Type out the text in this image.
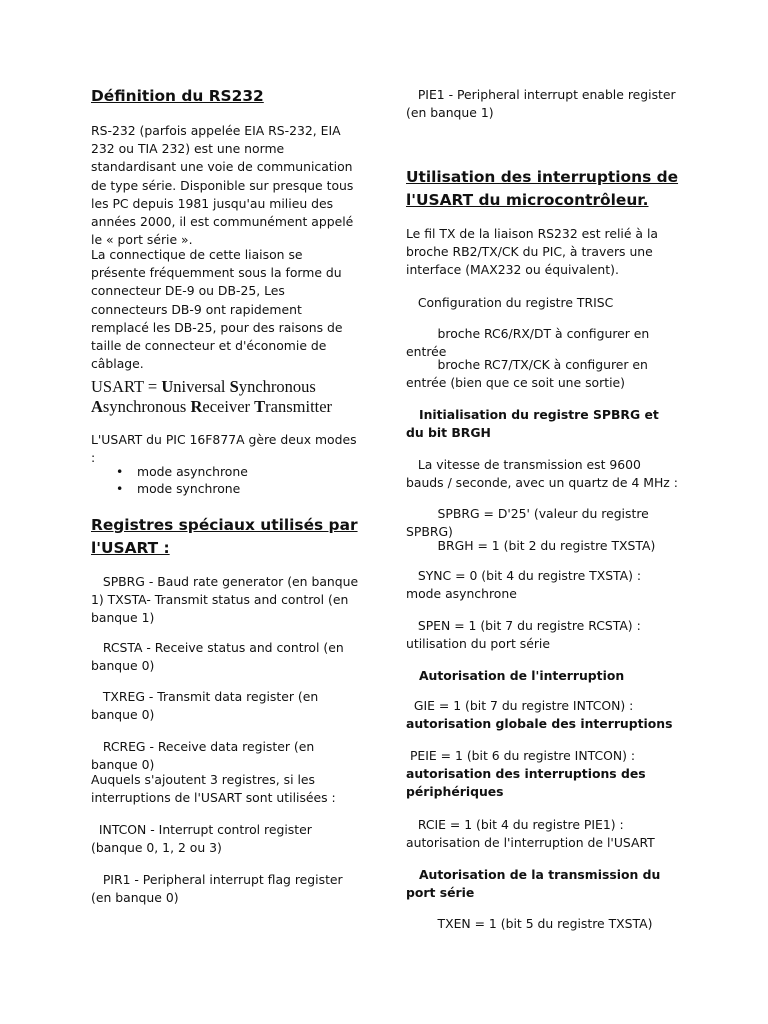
Définition du RS232

RS-232 (parfois appelée EIA RS-232, EIA 232 ou TIA 232) est une norme standardisant une voie de communication de type série. Disponible sur presque tous les PC depuis 1981 jusqu'au milieu des années 2000, il est communément appelé le « port série ».

La connectique de cette liaison se présente fréquemment sous la forme du connecteur DE-9 ou DB-25, Les connecteurs DB-9 ont rapidement remplacé les DB-25, pour des raisons de taille de connecteur et d'économie de câblage.

USART = Universal Synchronous Asynchronous Receiver Transmitter

L'USART du PIC 16F877A gère deux modes :

• mode asynchrone
• mode synchrone
Registres spéciaux utilisés par l'USART :

SPBRG - Baud rate generator (en banque 1) TXSTA- Transmit status and control (en banque 1)

RCSTA - Receive status and control (en banque 0)

TXREG - Transmit data register (en banque 0)

RCREG - Receive data register (en banque 0)

Auquels s'ajoutent 3 registres, si les interruptions de l'USART sont utilisées :

INTCON - Interrupt control register (banque 0, 1, 2 ou 3)

PIR1 - Peripheral interrupt flag register (en banque 0)

PIE1 - Peripheral interrupt enable register (en banque 1)

Utilisation des interruptions de l'USART du microcontrôleur.

Le fil TX de la liaison RS232 est relié à la broche RB2/TX/CK du PIC, à travers une interface (MAX232 ou équivalent).

Configuration du registre TRISC

broche RC6/RX/DT à configurer en entrée

broche RC7/TX/CK à configurer en entrée (bien que ce soit une sortie)

Initialisation du registre SPBRG et du bit BRGH

La vitesse de transmission est 9600 bauds / seconde, avec un quartz de 4 MHz :

SPBRG = D'25' (valeur du registre SPBRG)

BRGH = 1 (bit 2 du registre TXSTA)

SYNC = 0 (bit 4 du registre TXSTA) : mode asynchrone

SPEN = 1 (bit 7 du registre RCSTA) : utilisation du port série

Autorisation de l'interruption

GIE = 1 (bit 7 du registre INTCON) :
autorisation globale des interruptions

PEIE = 1 (bit 6 du registre INTCON) :
autorisation des interruptions des périphériques

RCIE = 1 (bit 4 du registre PIE1) : autorisation de l'interruption de l'USART

Autorisation de la transmission du port série

TXEN = 1 (bit 5 du registre TXSTA)
